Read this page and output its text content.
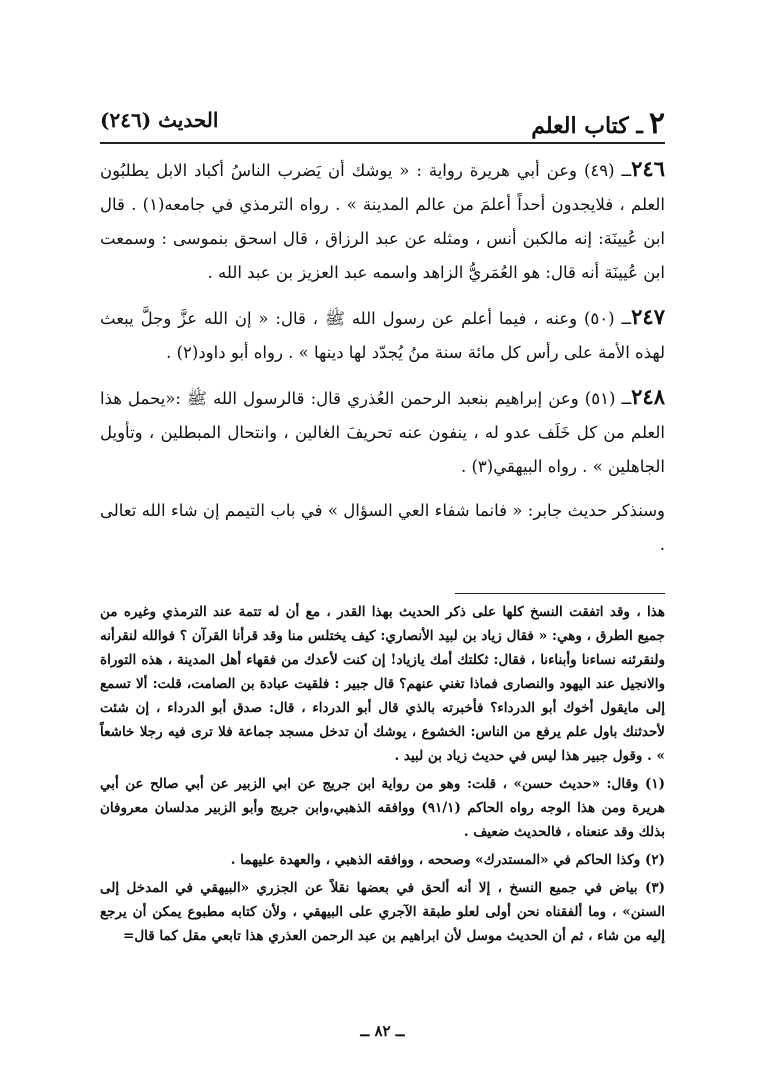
٢ـ كتاب العلم
الحديث (٢٤٦)

٢٤٦ــ (٤٩) وعن أبي هريرة رواية : « يوشك أن يَضرب الناسُ أكباد الابل يطلبُون العلم ، فلايجدون أحداً أعلمَ من عالم المدينة » . رواه الترمذي في جامعه(١) . قال ابن عُيينَة: إنه مالكبن أنس ، ومثله عن عبد الرزاق ، قال اسحق بنموسى : وسمعت ابن عُيينَة أنه قال: هو العُمَريُّ الزاهد واسمه عبد العزيز بن عبد الله .

٢٤٧ــ (٥٠) وعنه ، فيما أعلم عن رسول الله ﷺ ، قال: « إن الله عزَّ وجلَّ يبعث لهذه الأمة على رأس كل مائة سنة منُ يُجدّد لها دينها » . رواه أبو داود(٢) .

٢٤٨ــ (٥١) وعن إبراهيم بنعبد الرحمن العُذري قال: قالرسول الله ﷺ :«يحمل هذا العلم من كل خَلَف عدو له ، ينفون عنه تحريفَ الغالين ، وانتحال المبطلين ، وتأويل الجاهلين » . رواه البيهقي(٣) .

وسنذكر حديث جابر: « فانما شفاء العي السؤال » في باب التيمم إن شاء الله تعالى .

هذا ، وقد اتفقت النسخ كلها على ذكر الحديث بهذا القدر ، مع أن له تتمة عند الترمذي وغيره من جميع الطرق ، وهي: « فقال زياد بن لبيد الأنصاري: كيف يختلس منا وقد قرأنا القرآن ؟ فوالله لنقرأنه ولنقرئنه نساءنا وأبناءنا ، فقال: ثكلتك أمك يازياد! إن كنت لأعدك من فقهاء أهل المدينة ، هذه التوراة والانجيل عند اليهود والنصارى فماذا تغني عنهم؟ قال جبير : فلقيت عبادة بن الصامت، قلت: ألا تسمع إلى مايقول أخوك أبو الدرداء؟ فأخبرته بالذي قال أبو الدرداء ، قال: صدق أبو الدرداء ، إن شئت لأحدثنك باول علم يرفع من الناس: الخشوع ، يوشك أن تدخل مسجد جماعة فلا ترى فيه رجلا خاشعاً » . وقول جبير هذا ليس في حديث زياد بن لبيد .

(١) وقال: «حديث حسن» ، قلت: وهو من رواية ابن جريج عن ابي الزبير عن أبي صالح عن أبي هريرة ومن هذا الوجه رواه الحاكم (٩١/١) ووافقه الذهبي،وابن جريج وأبو الزبير مدلسان معروفان بذلك وقد عنعناه ، فالحديث ضعيف .

(٢) وكذا الحاكم في «المستدرك» وصححه ، ووافقه الذهبي ، والعهدة عليهما .

(٣) بياض في جميع النسخ ، إلا أنه ألحق في بعضها نقلاً عن الجزري «البيهقي في المدخل إلى السنن» ، وما ألفقناه نحن أولى لعلو طبقة الآجري على البيهقي ، ولأن كتابه مطبوع يمكن أن يرجع إليه من شاء ، ثم أن الحديث موسل لأن ابراهيم بن عبد الرحمن العذري هذا تابعي مقل كما قال=

ــ ٨٢ ــ
